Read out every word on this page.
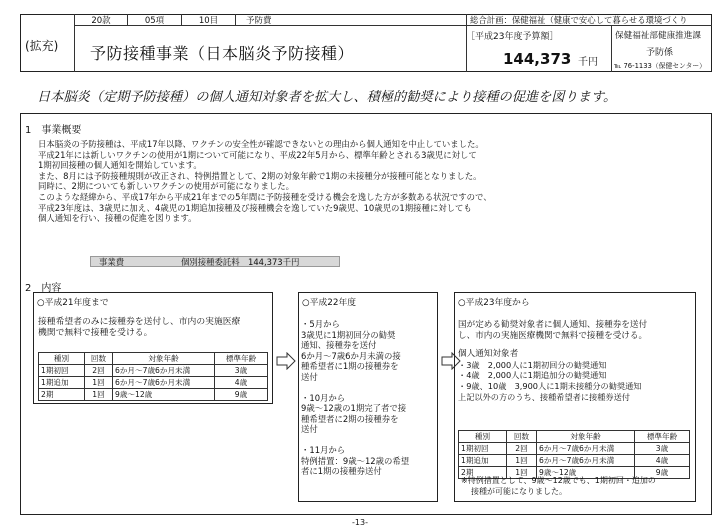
20款	05項	10目	予防費	総合計画：保健福祉（健康で安心して暮らせる環境づくり
(拡充) 予防接種事業（日本脳炎予防接種）
［平成23年度予算額］
144,373 千円
保健福祉部健康推進課
予防係
℡ 76-1133（保健センター）
日本脳炎（定期予防接種）の個人通知対象者を拡大し、積極的勧奨により接種の促進を図ります。
1　事業概要
日本脳炎の予防接種は、平成17年以降、ワクチンの安全性が確認できないとの理由から個人通知を中止していました。
平成21年には新しいワクチンの使用が1期について可能になり、平成22年5月から、標準年齢とされる3歳児に対して
1期初回接種の個人通知を開始しています。
また、8月には予防接種規則が改正され、特例措置として、2期の対象年齢で1期の未接種分が接種可能となりました。
同時に、2期についても新しいワクチンの使用が可能になりました。
このような経緯から、平成17年から平成21年までの5年間に予防接種を受ける機会を逸した方が多数ある状況ですので、
平成23年度は、3歳児に加え、4歳児の1期追加接種及び接種機会を逸していた9歳児、10歳児の1期接種に対しても
個人通知を行い、接種の促進を図ります。
事業費	個別接種委託料　144,373千円
2　内容
○平成21年度まで
接種希望者のみに接種券を送付し、市内の実施医療
機関で無料で接種を受ける。
種別	回数	対象年齢	標準年齢
1期初回	2回	6か月～7歳6か月未満	3歳
1期追加	1回	6か月～7歳6か月未満	4歳
2期	1回	9歳～12歳	9歳
○平成22年度
・5月から
3歳児に1期初回分の勧奨
通知、接種券を送付
6か月～7歳6か月未満の接
種希望者に1期の接種券を
送付
・10月から
9歳～12歳の1期完了者で接
種希望者に2期の接種券を
送付
・11月から
特例措置：9歳～12歳の希望
者に1期の接種券送付
○平成23年度から
国が定める勧奨対象者に個人通知、接種券を送付
し、市内の実施医療機関で無料で接種を受ける。
個人通知対象者
・3歳　2,000人に1期初回分の勧奨通知
・4歳　2,000人に1期追加分の勧奨通知
・9歳、10歳　3,900人に1期未接種分の勧奨通知
上記以外の方のうち、接種希望者に接種券送付
種別	回数	対象年齢	標準年齢
1期初回	2回	6か月～7歳6か月未満	3歳
1期追加	1回	6か月～7歳6か月未満	4歳
2期	1回	9歳～12歳	9歳
※特例措置として、9歳～12歳でも、1期初回・追加の
接種が可能になりました。
-13-
